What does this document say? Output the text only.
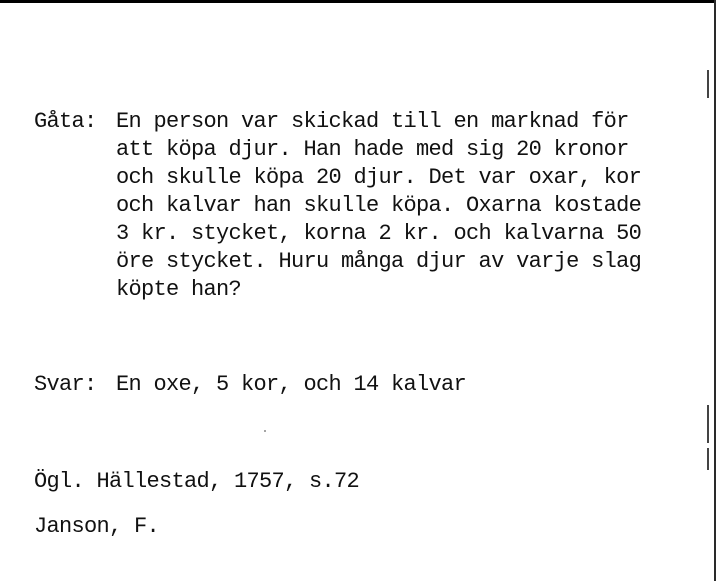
Gåta: En person var skickad till en marknad för
att köpa djur. Han hade med sig 20 kronor
och skulle köpa 20 djur. Det var oxar, kor
och kalvar han skulle köpa. Oxarna kostade
3 kr. stycket, korna 2 kr. och kalvarna 50
öre stycket. Huru många djur av varje slag
köpte han?
Svar: En oxe, 5 kor, och 14 kalvar
Ögl. Hällestad, 1757, s.72
Janson, F.
